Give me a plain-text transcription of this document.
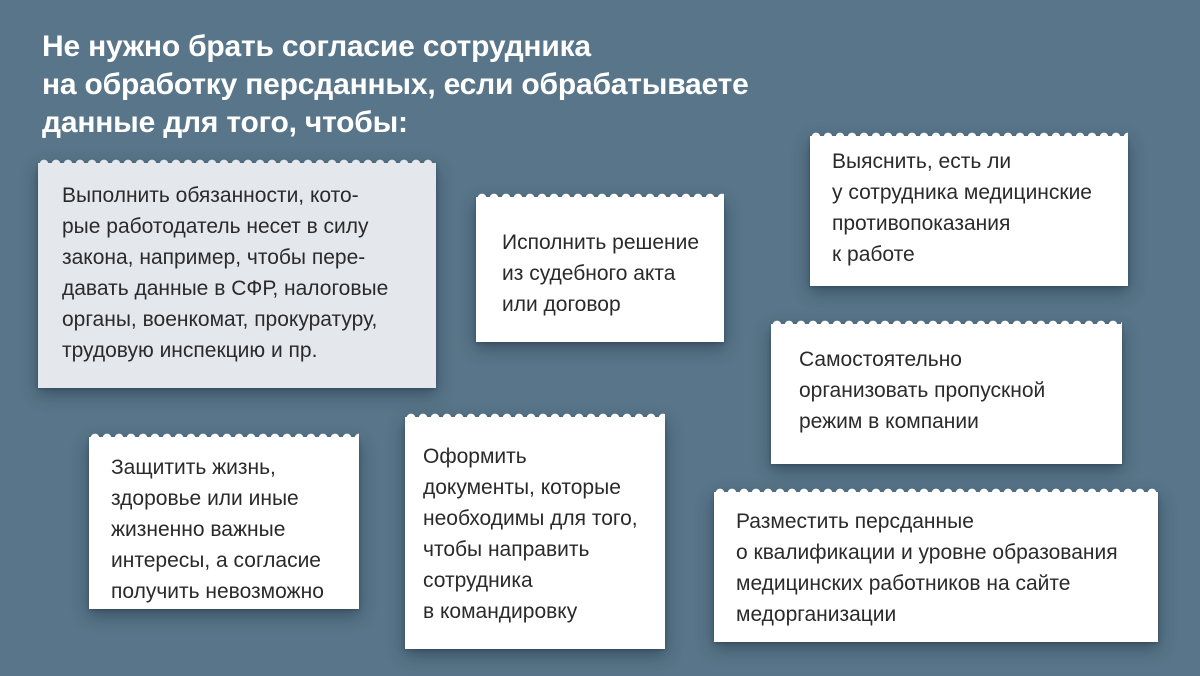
Не нужно брать согласие сотрудника
на обработку персданных, если обрабатываете
данные для того, чтобы:
Выполнить обязанности, кото-
рые работодатель несет в силу
закона, например, чтобы пере-
давать данные в СФР, налоговые
органы, военкомат, прокуратуру,
трудовую инспекцию и пр.
Исполнить решение
из судебного акта
или договор
Выяснить, есть ли
у сотрудника медицинские
противопоказания
к работе
Самостоятельно
организовать пропускной
режим в компании
Защитить жизнь,
здоровье или иные
жизненно важные
интересы, а согласие
получить невозможно
Оформить
документы, которые
необходимы для того,
чтобы направить
сотрудника
в командировку
Разместить персданные
о квалификации и уровне образования
медицинских работников на сайте
медорганизации
